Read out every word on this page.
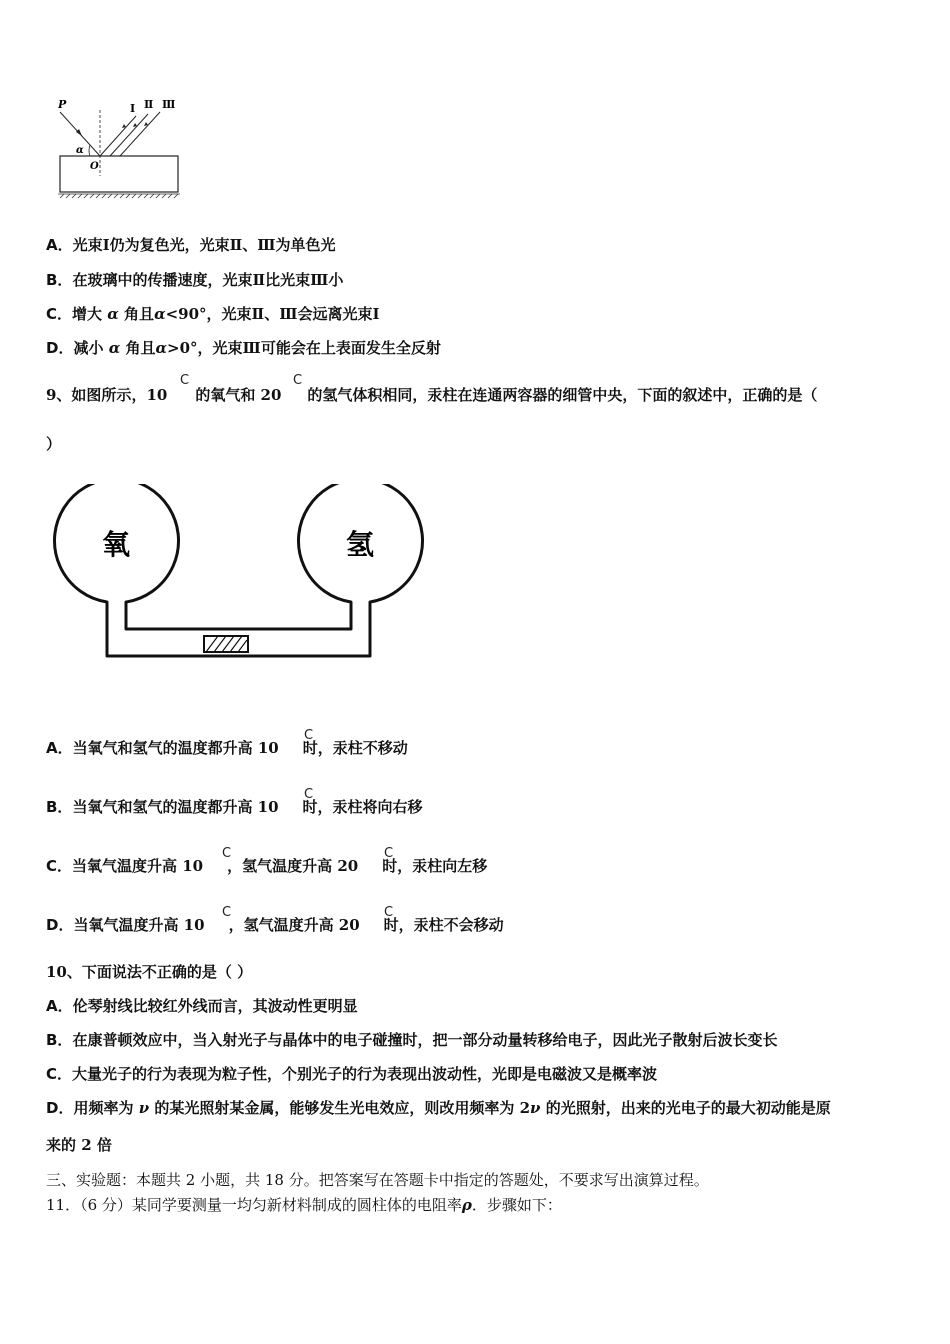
P
α
O
Ⅰ Ⅱ Ⅲ
A．光束Ⅰ仍为复色光，光束Ⅱ、Ⅲ为单色光
B．在玻璃中的传播速度，光束Ⅱ比光束Ⅲ小
C．增大 α 角且α<90°，光束Ⅱ、Ⅲ会远离光束Ⅰ
D．减小 α 角且α>0°，光束Ⅲ可能会在上表面发生全反射
9、如图所示，10 的氧气和 20 的氢气体积相同，汞柱在连通两容器的细管中央，下面的叙述中，正确的是（
C	C
）
氧	氢
A．当氧气和氢气的温度都升高 10 时，汞柱不移动
C
B．当氧气和氢气的温度都升高 10 时，汞柱将向右移
C
C．当氧气温度升高 10 ，氢气温度升高 20 时，汞柱向左移
C	C
D．当氧气温度升高 10 ，氢气温度升高 20 时，汞柱不会移动
C	C
10、下面说法不正确的是（ ）
A．伦琴射线比较红外线而言，其波动性更明显
B．在康普顿效应中，当入射光子与晶体中的电子碰撞时，把一部分动量转移给电子，因此光子散射后波长变长
C．大量光子的行为表现为粒子性，个别光子的行为表现出波动性，光即是电磁波又是概率波
D．用频率为 ν 的某光照射某金属，能够发生光电效应，则改用频率为 2ν 的光照射，出来的光电子的最大初动能是原
来的 2 倍
三、实验题：本题共 2 小题，共 18 分。把答案写在答题卡中指定的答题处，不要求写出演算过程。
11．（6 分）某同学要测量一均匀新材料制成的圆柱体的电阻率ρ．步骤如下：
